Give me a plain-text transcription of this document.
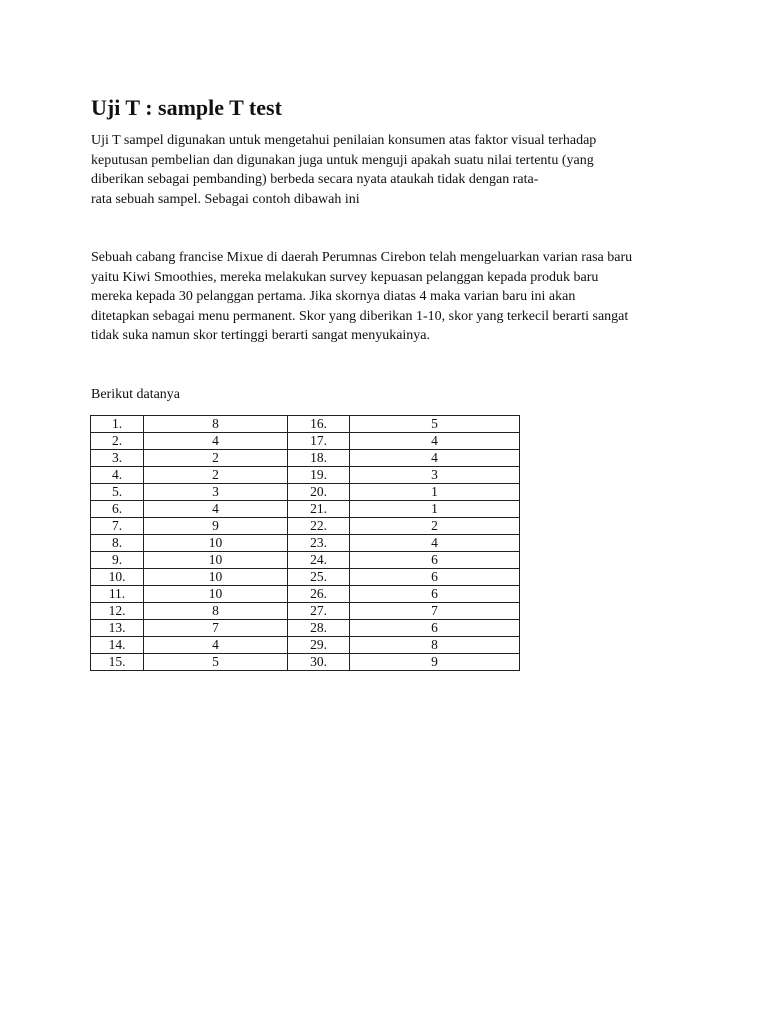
Uji T : sample T test

Uji T sampel digunakan untuk mengetahui penilaian konsumen atas faktor visual terhadap
keputusan pembelian dan digunakan juga untuk menguji apakah suatu nilai tertentu (yang
diberikan sebagai pembanding) berbeda secara nyata ataukah tidak dengan rata-
rata sebuah sampel. Sebagai contoh dibawah ini

Sebuah cabang francise Mixue di daerah Perumnas Cirebon telah mengeluarkan varian rasa baru
yaitu Kiwi Smoothies, mereka melakukan survey kepuasan pelanggan kepada produk baru
mereka kepada 30 pelanggan pertama. Jika skornya diatas 4 maka varian baru ini akan
ditetapkan sebagai menu permanent. Skor yang diberikan 1-10, skor yang terkecil berarti sangat
tidak suka namun skor tertinggi berarti sangat menyukainya.

Berikut datanya

1.	8	16.	5
2.	4	17.	4
3.	2	18.	4
4.	2	19.	3
5.	3	20.	1
6.	4	21.	1
7.	9	22.	2
8.	10	23.	4
9.	10	24.	6
10.	10	25.	6
11.	10	26.	6
12.	8	27.	7
13.	7	28.	6
14.	4	29.	8
15.	5	30.	9
